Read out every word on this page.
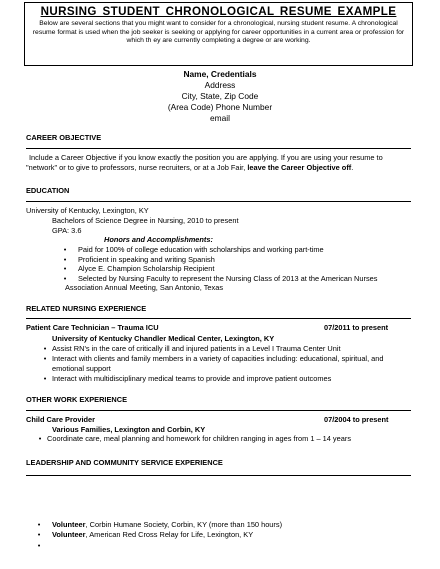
NURSING STUDENT CHRONOLOGICAL RESUME EXAMPLE
Below are several sections that you might want to consider for a chronological, nursing student resume. A chronological resume format is used when the job seeker is seeking or applying for career opportunities in a current area or profession for which th ey are currently completing a degree or are working.
Name, Credentials
Address
City, State, Zip Code
(Area Code) Phone Number
email
CAREER OBJECTIVE
Include a Career Objective if you know exactly the position you are applying. If you are using your resume to "network" or to give to professors, nurse recruiters, or at a Job Fair, leave the Career Objective off.
EDUCATION
University of Kentucky, Lexington, KY
Bachelors of Science Degree in Nursing, 2010 to present
GPA: 3.6
Honors and Accomplishments:
•	Paid for 100% of college education with scholarships and working part-time
•	Proficient in speaking and writing Spanish
•	Alyce E. Champion Scholarship Recipient
•	Selected by Nursing Faculty to represent the Nursing Class of 2013 at the American Nurses
Association Annual Meeting, San Antonio, Texas
RELATED NURSING EXPERIENCE
Patient Care Technician – Trauma ICU	07/2011 to present
University of Kentucky Chandler Medical Center, Lexington, KY
• Assist RN's in the care of critically ill and injured patients in a Level I Trauma Center Unit
• Interact with clients and family members in a variety of capacities including: educational, spiritual, and
emotional support
• Interact with multidisciplinary medical teams to provide and improve patient outcomes
OTHER WORK EXPERIENCE
Child Care Provider	07/2004 to present
Various Families, Lexington and Corbin, KY
• Coordinate care, meal planning and homework for children ranging in ages from 1 – 14 years
LEADERSHIP AND COMMUNITY SERVICE EXPERIENCE
•	Volunteer, Corbin Humane Society, Corbin, KY (more than 150 hours)
•	Volunteer, American Red Cross Relay for Life, Lexington, KY
•
